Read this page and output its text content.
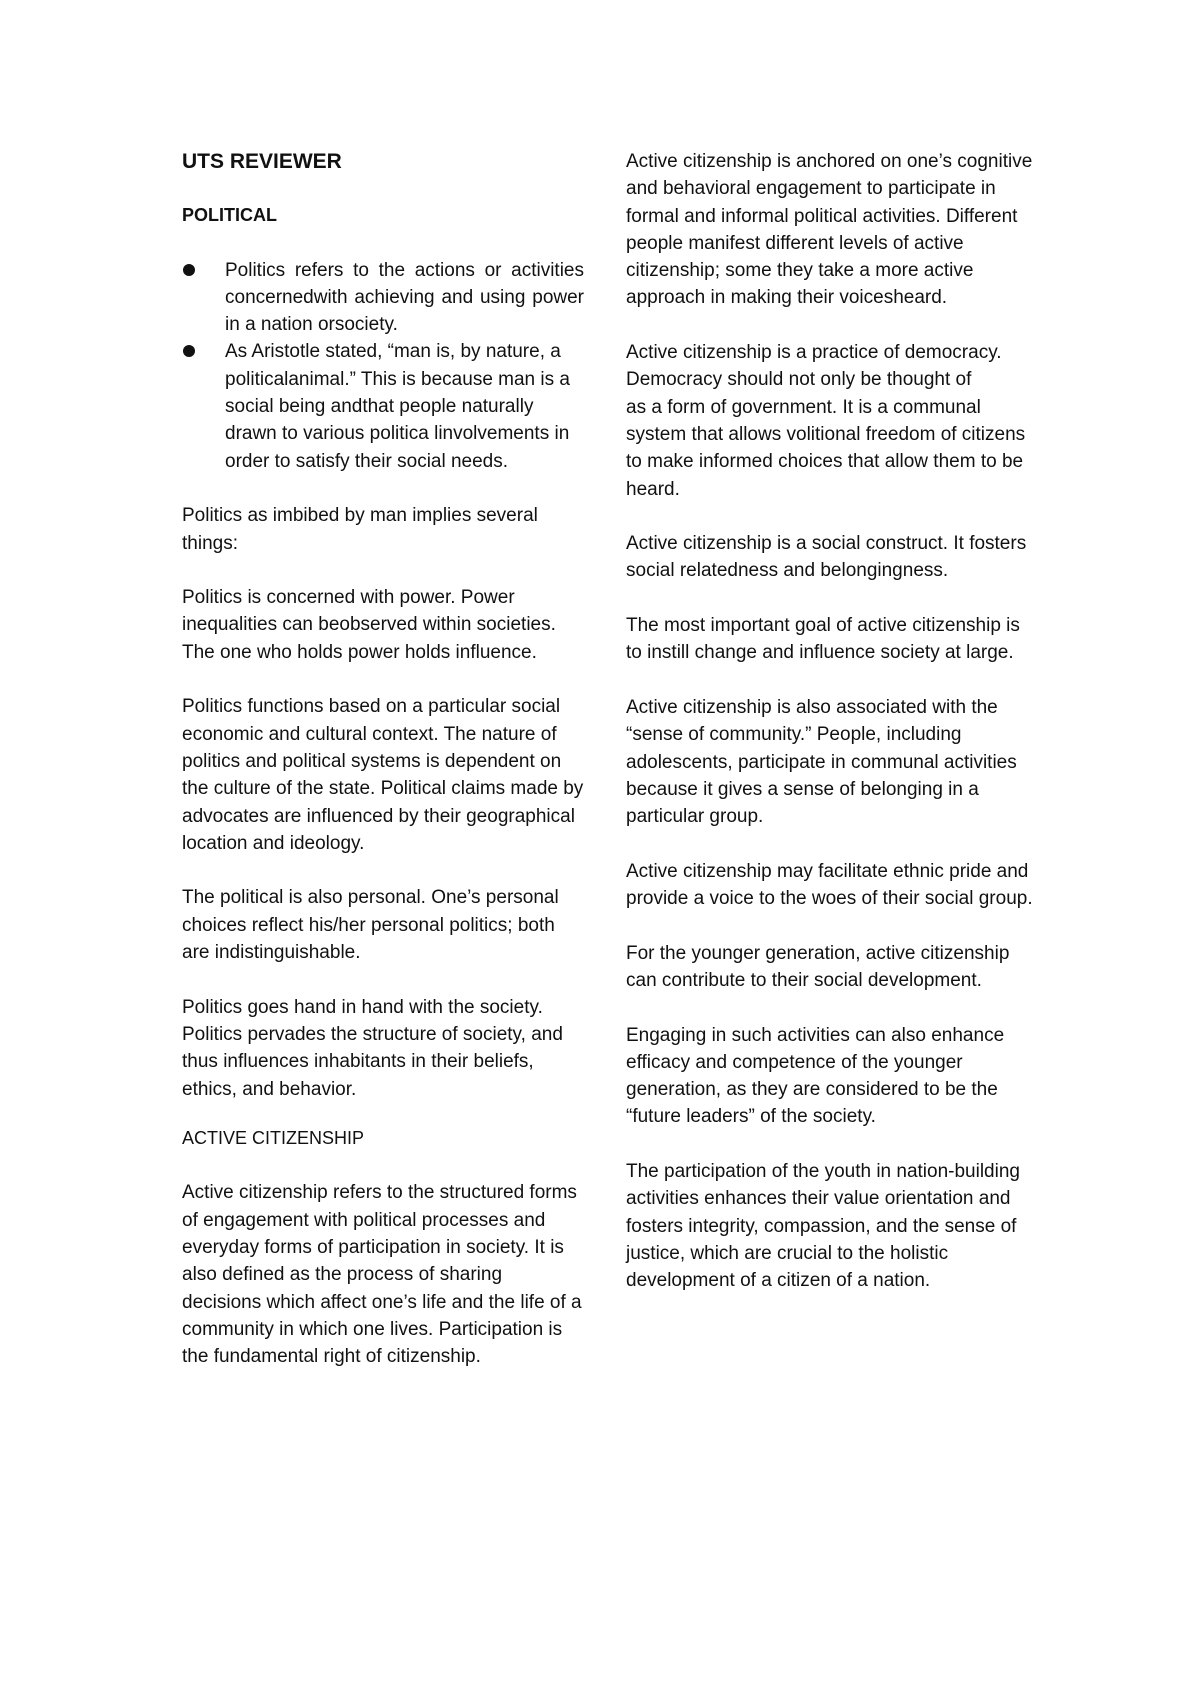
UTS REVIEWER
POLITICAL
Politics refers to the actions or activities concernedwith achieving and using power in a nation orsociety.
As Aristotle stated, “man is, by nature, a politicalanimal.” This is because man is a social being andthat people naturally drawn to various politica linvolvements in order to satisfy their social needs.

Politics as imbibed by man implies several things:

Politics is concerned with power. Power inequalities can beobserved within societies. The one who holds power holds influence.

Politics functions based on a particular social economic and cultural context. The nature of politics and political systems is dependent on the culture of the state. Political claims made by advocates are influenced by their geographical location and ideology.

The political is also personal. One’s personal choices reflect his/her personal politics; both are indistinguishable.

Politics goes hand in hand with the society. Politics pervades the structure of society, and thus influences inhabitants in their beliefs, ethics, and behavior.

ACTIVE CITIZENSHIP

Active citizenship refers to the structured forms of engagement with political processes and everyday forms of participation in society. It is also defined as the process of sharing decisions which affect one’s life and the life of a community in which one lives. Participation is the fundamental right of citizenship.

Active citizenship is anchored on one’s cognitive and behavioral engagement to participate in formal and informal political activities. Different people manifest different levels of active citizenship; some they take a more active approach in making their voicesheard.

Active citizenship is a practice of democracy. Democracy should not only be thought of

as a form of government. It is a communal system that allows volitional freedom of citizens to make informed choices that allow them to be heard.

Active citizenship is a social construct. It fosters social relatedness and belongingness.

The most important goal of active citizenship is to instill change and influence society at large.

Active citizenship is also associated with the “sense of community.” People, including adolescents, participate in communal activities because it gives a sense of belonging in a particular group.

Active citizenship may facilitate ethnic pride and provide a voice to the woes of their social group.

For the younger generation, active citizenship can contribute to their social development.

Engaging in such activities can also enhance efficacy and competence of the younger generation, as they are considered to be the “future leaders” of the society.

The participation of the youth in nation-building activities enhances their value orientation and fosters integrity, compassion, and the sense of justice, which are crucial to the holistic development of a citizen of a nation.
